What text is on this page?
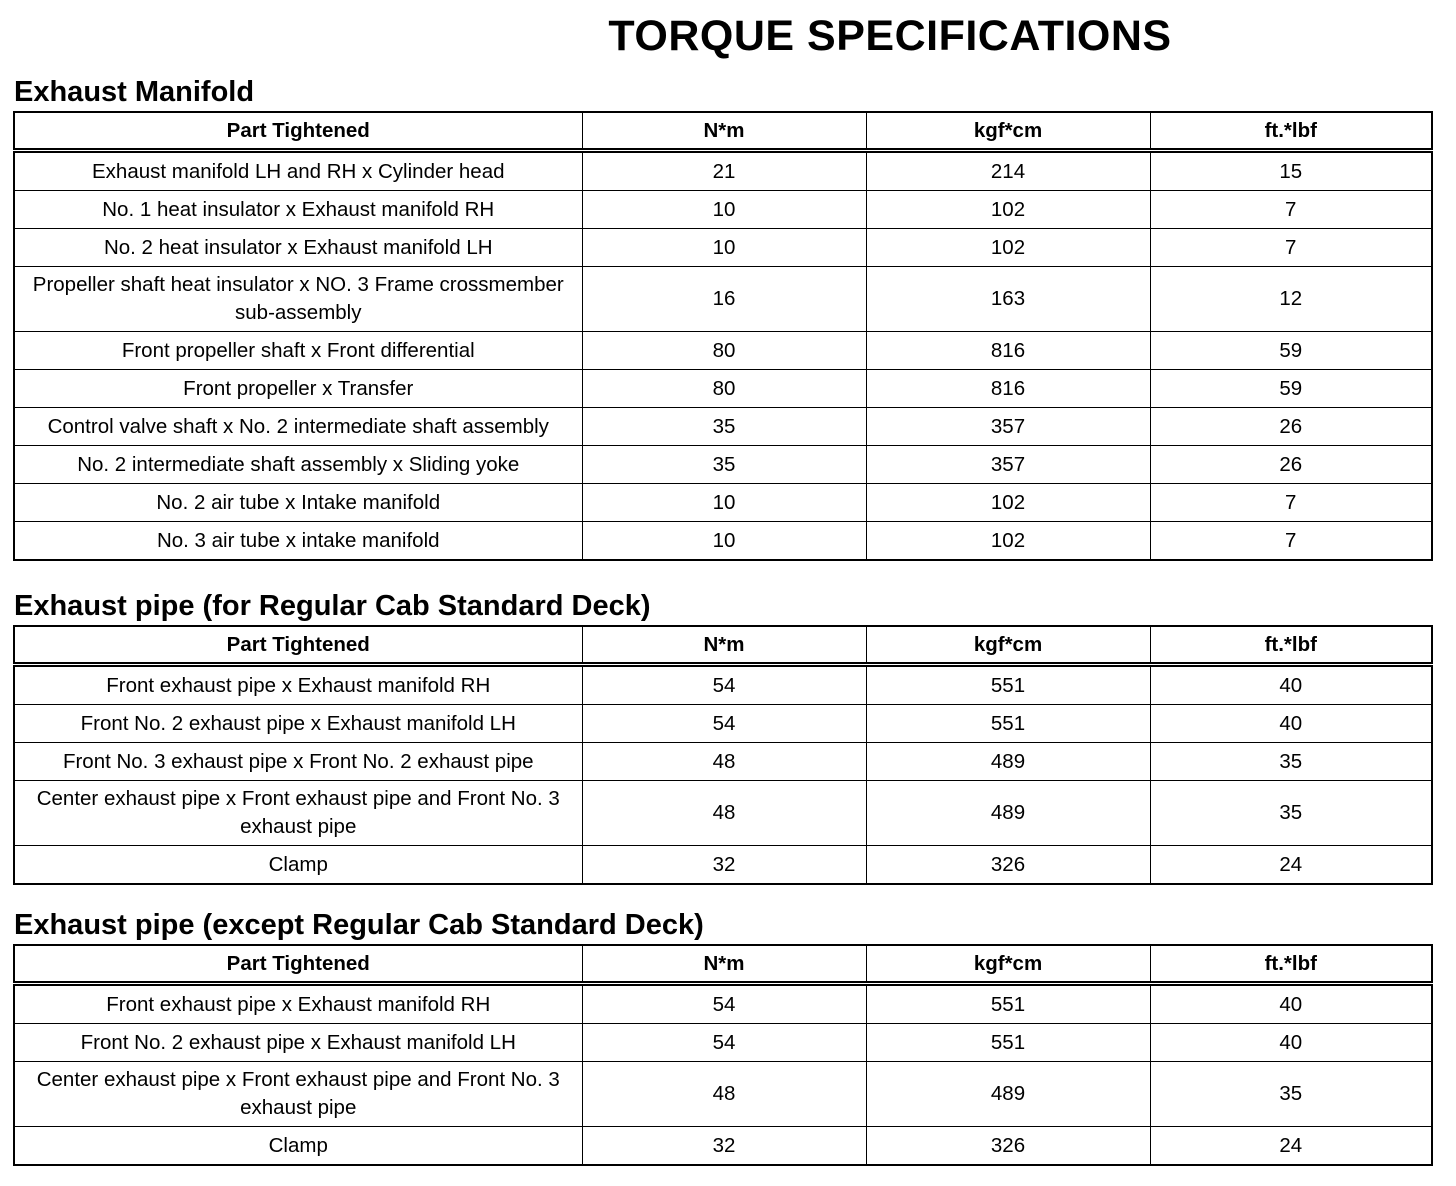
TORQUE SPECIFICATIONS
Exhaust Manifold
Part Tightened	N*m	kgf*cm	ft.*lbf
Exhaust manifold LH and RH x Cylinder head	21	214	15
No. 1 heat insulator x Exhaust manifold RH	10	102	7
No. 2 heat insulator x Exhaust manifold LH	10	102	7
Propeller shaft heat insulator x NO. 3 Frame crossmember sub-assembly	16	163	12
Front propeller shaft x Front differential	80	816	59
Front propeller x Transfer	80	816	59
Control valve shaft x No. 2 intermediate shaft assembly	35	357	26
No. 2 intermediate shaft assembly x Sliding yoke	35	357	26
No. 2 air tube x Intake manifold	10	102	7
No. 3 air tube x intake manifold	10	102	7
Exhaust pipe (for Regular Cab Standard Deck)
Part Tightened	N*m	kgf*cm	ft.*lbf
Front exhaust pipe x Exhaust manifold RH	54	551	40
Front No. 2 exhaust pipe x Exhaust manifold LH	54	551	40
Front No. 3 exhaust pipe x Front No. 2 exhaust pipe	48	489	35
Center exhaust pipe x Front exhaust pipe and Front No. 3 exhaust pipe	48	489	35
Clamp	32	326	24
Exhaust pipe (except Regular Cab Standard Deck)
Part Tightened	N*m	kgf*cm	ft.*lbf
Front exhaust pipe x Exhaust manifold RH	54	551	40
Front No. 2 exhaust pipe x Exhaust manifold LH	54	551	40
Center exhaust pipe x Front exhaust pipe and Front No. 3 exhaust pipe	48	489	35
Clamp	32	326	24
